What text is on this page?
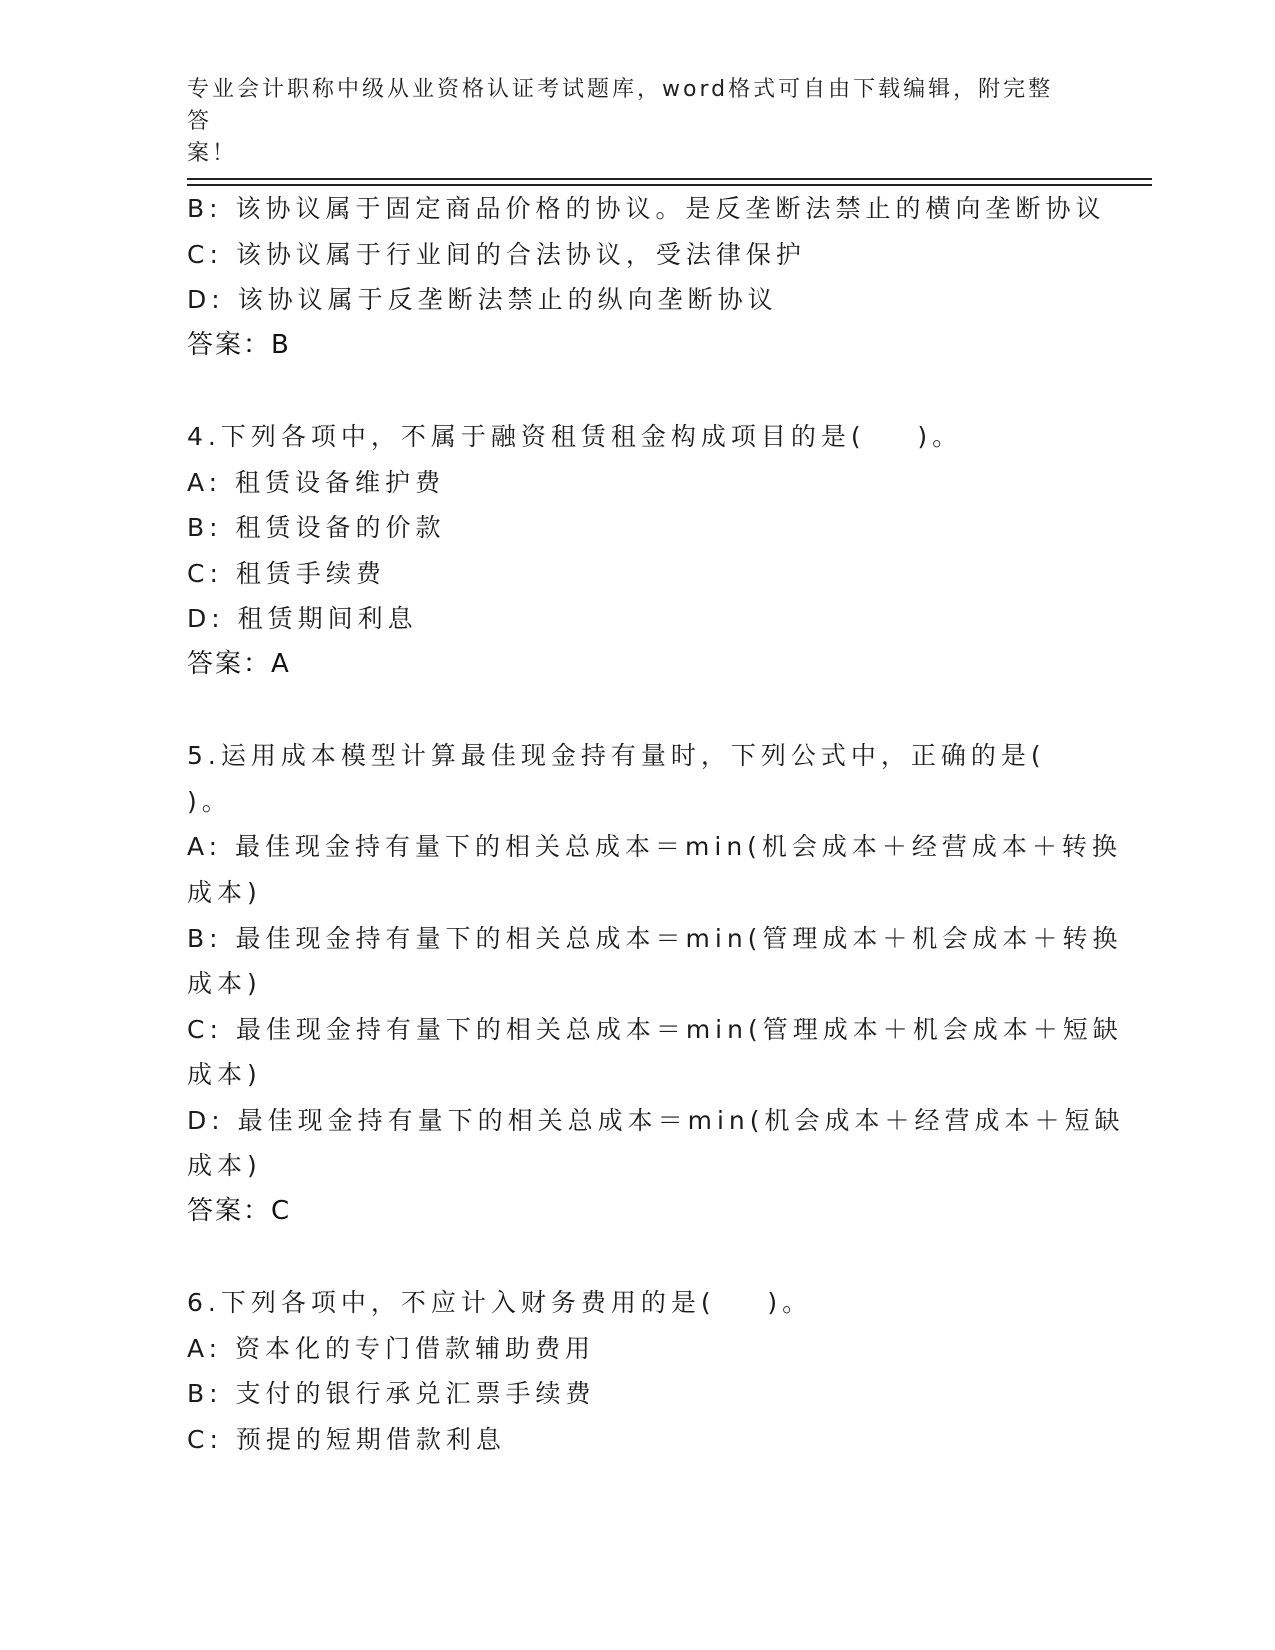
专业会计职称中级从业资格认证考试题库，word格式可自由下载编辑，附完整答
案！
B: 该协议属于固定商品价格的协议。是反垄断法禁止的横向垄断协议
C: 该协议属于行业间的合法协议，受法律保护
D: 该协议属于反垄断法禁止的纵向垄断协议
答案：B
4.下列各项中，不属于融资租赁租金构成项目的是(    )。
A: 租赁设备维护费
B: 租赁设备的价款
C: 租赁手续费
D: 租赁期间利息
答案：A
5.运用成本模型计算最佳现金持有量时，下列公式中，正确的是(
)。
A: 最佳现金持有量下的相关总成本＝min(机会成本＋经营成本＋转换
成本)
B: 最佳现金持有量下的相关总成本＝min(管理成本＋机会成本＋转换
成本)
C: 最佳现金持有量下的相关总成本＝min(管理成本＋机会成本＋短缺
成本)
D: 最佳现金持有量下的相关总成本＝min(机会成本＋经营成本＋短缺
成本)
答案：C
6.下列各项中，不应计入财务费用的是(    )。
A: 资本化的专门借款辅助费用
B: 支付的银行承兑汇票手续费
C: 预提的短期借款利息
